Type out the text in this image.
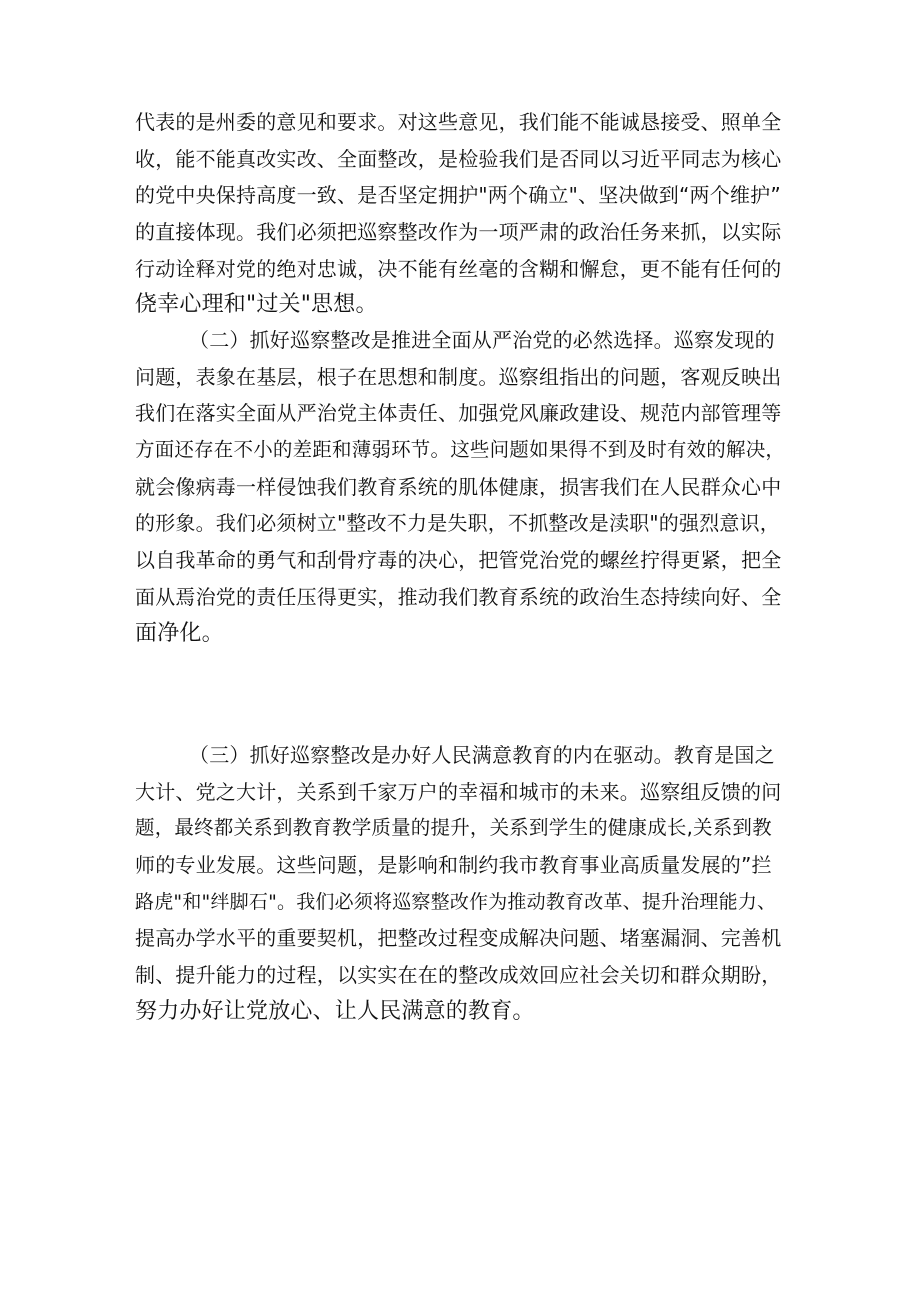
代表的是州委的意见和要求。对这些意见，我们能不能诚恳接受、照单全
收，能不能真改实改、全面整改，是检验我们是否同以习近平同志为核心
的党中央保持高度一致、是否坚定拥护"两个确立"、坚决做到“两个维护”
的直接体现。我们必须把巡察整改作为一项严肃的政治任务来抓，以实际
行动诠释对党的绝对忠诚，决不能有丝毫的含糊和懈怠，更不能有任何的
侥幸心理和"过关"思想。
（二）抓好巡察整改是推进全面从严治党的必然选择。巡察发现的
问题，表象在基层，根子在思想和制度。巡察组指出的问题，客观反映出
我们在落实全面从严治党主体责任、加强党风廉政建设、规范内部管理等
方面还存在不小的差距和薄弱环节。这些问题如果得不到及时有效的解决，
就会像病毒一样侵蚀我们教育系统的肌体健康，损害我们在人民群众心中
的形象。我们必须树立"整改不力是失职，不抓整改是渎职"的强烈意识，
以自我革命的勇气和刮骨疗毒的决心，把管党治党的螺丝拧得更紧，把全
面从焉治党的责任压得更实，推动我们教育系统的政治生态持续向好、全
面净化。
（三）抓好巡察整改是办好人民满意教育的内在驱动。教育是国之
大计、党之大计，关系到千家万户的幸福和城市的未来。巡察组反馈的问
题，最终都关系到教育教学质量的提升，关系到学生的健康成长,关系到教
师的专业发展。这些问题，是影响和制约我市教育事业高质量发展的”拦
路虎"和"绊脚石"。我们必须将巡察整改作为推动教育改革、提升治理能力、
提高办学水平的重要契机，把整改过程变成解决问题、堵塞漏洞、完善机
制、提升能力的过程，以实实在在的整改成效回应社会关切和群众期盼，
努力办好让党放心、让人民满意的教育。
